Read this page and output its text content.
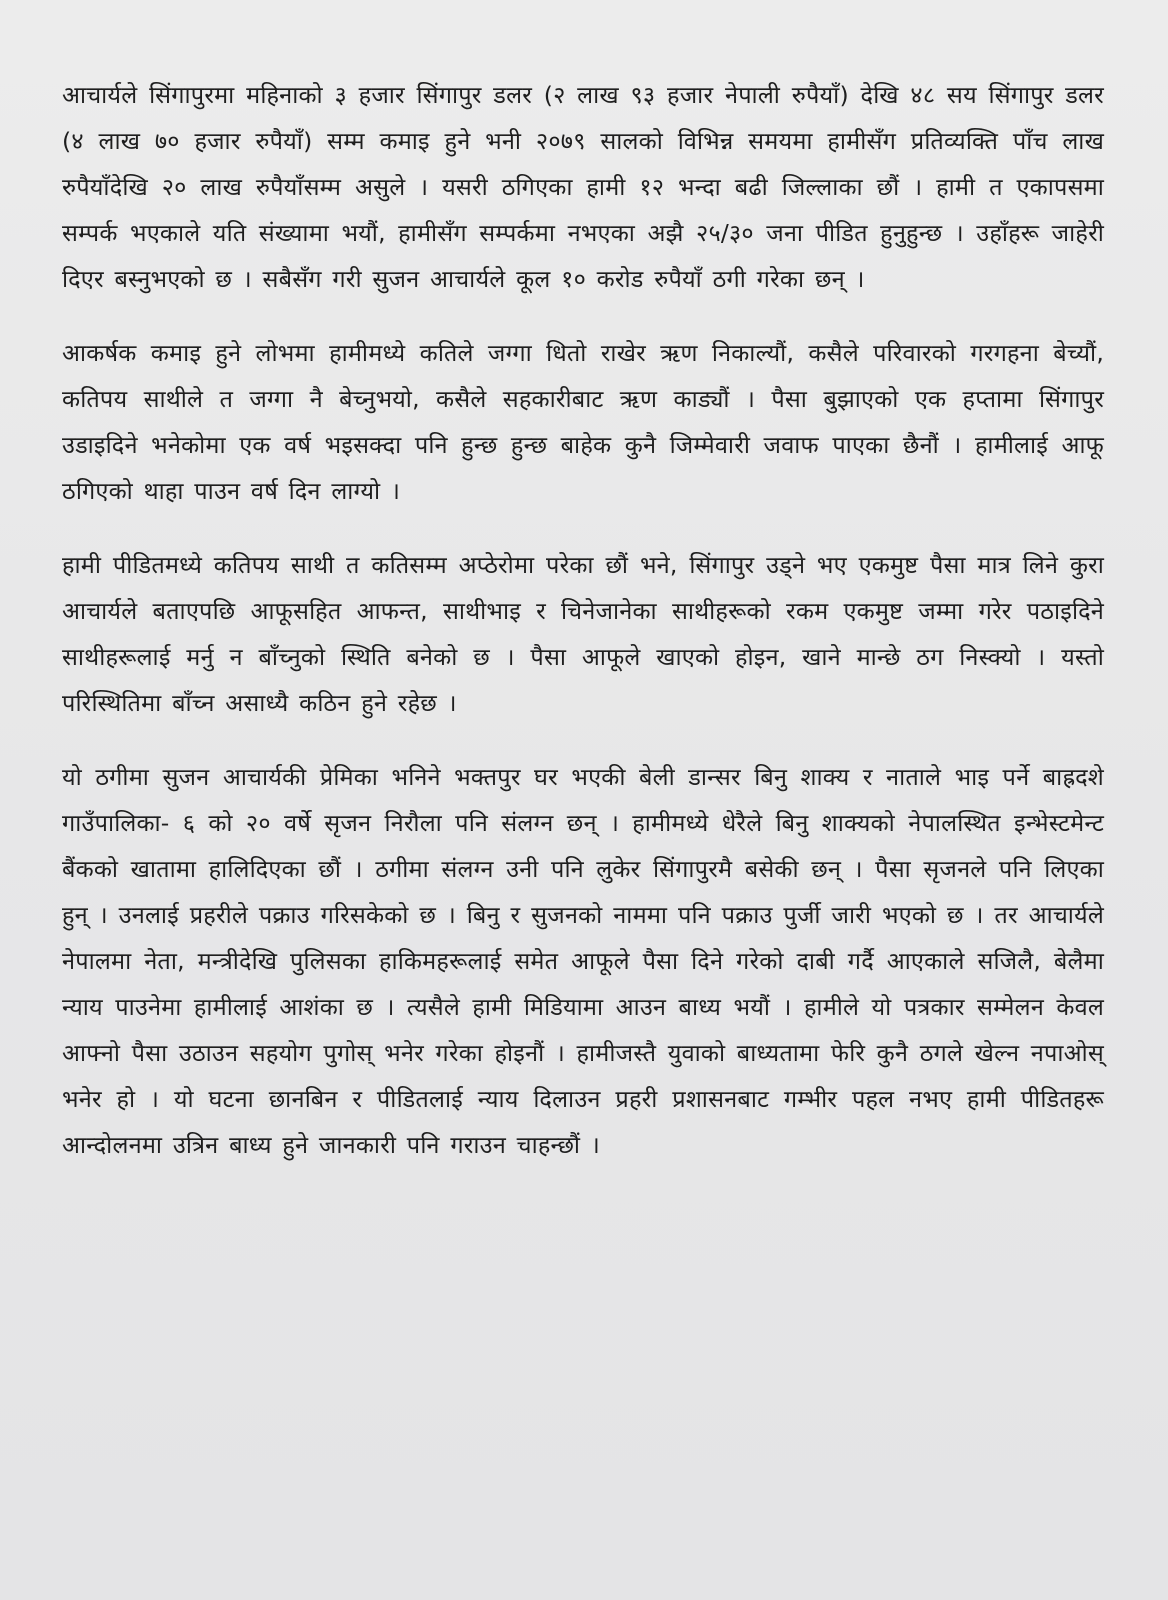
आचार्यले सिंगापुरमा महिनाको ३ हजार सिंगापुर डलर (२ लाख ९३ हजार नेपाली रुपैयाँ) देखि ४८ सय सिंगापुर डलर (४ लाख ७० हजार रुपैयाँ) सम्म कमाइ हुने भनी २०७९ सालको विभिन्न समयमा हामीसँग प्रतिव्यक्ति पाँच लाख रुपैयाँदेखि २० लाख रुपैयाँसम्म असुले । यसरी ठगिएका हामी १२ भन्दा बढी जिल्लाका छौं । हामी त एकापसमा सम्पर्क भएकाले यति संख्यामा भयौं, हामीसँग सम्पर्कमा नभएका अझै २५/३० जना पीडित हुनुहुन्छ । उहाँहरू जाहेरी दिएर बस्नुभएको छ । सबैसँग गरी सुजन आचार्यले कूल १० करोड रुपैयाँ ठगी गरेका छन् ।

आकर्षक कमाइ हुने लोभमा हामीमध्ये कतिले जग्गा धितो राखेर ऋण निकाल्यौं, कसैले परिवारको गरगहना बेच्यौं, कतिपय साथीले त जग्गा नै बेच्नुभयो, कसैले सहकारीबाट ऋण काड्यौं । पैसा बुझाएको एक हप्तामा सिंगापुर उडाइदिने भनेकोमा एक वर्ष भइसक्दा पनि हुन्छ हुन्छ बाहेक कुनै जिम्मेवारी जवाफ पाएका छैनौं । हामीलाई आफू ठगिएको थाहा पाउन वर्ष दिन लाग्यो ।

हामी पीडितमध्ये कतिपय साथी त कतिसम्म अप्ठेरोमा परेका छौं भने, सिंगापुर उड्ने भए एकमुष्ट पैसा मात्र लिने कुरा आचार्यले बताएपछि आफूसहित आफन्त, साथीभाइ र चिनेजानेका साथीहरूको रकम एकमुष्ट जम्मा गरेर पठाइदिने साथीहरूलाई मर्नु न बाँच्नुको स्थिति बनेको छ । पैसा आफूले खाएको होइन, खाने मान्छे ठग निस्क्यो । यस्तो परिस्थितिमा बाँच्न असाध्यै कठिन हुने रहेछ ।

यो ठगीमा सुजन आचार्यकी प्रेमिका भनिने भक्तपुर घर भएकी बेली डान्सर बिनु शाक्य र नाताले भाइ पर्ने बाह्रदशे गाउँपालिका- ६ को २० वर्षे सृजन निरौला पनि संलग्न छन् । हामीमध्ये धेरैले बिनु शाक्यको नेपालस्थित इन्भेस्टमेन्ट बैंकको खातामा हालिदिएका छौं । ठगीमा संलग्न उनी पनि लुकेर सिंगापुरमै बसेकी छन् । पैसा सृजनले पनि लिएका हुन् । उनलाई प्रहरीले पक्राउ गरिसकेको छ । बिनु र सुजनको नाममा पनि पक्राउ पुर्जी जारी भएको छ । तर आचार्यले नेपालमा नेता, मन्त्रीदेखि पुलिसका हाकिमहरूलाई समेत आफूले पैसा दिने गरेको दाबी गर्दै आएकाले सजिलै, बेलैमा न्याय पाउनेमा हामीलाई आशंका छ । त्यसैले हामी मिडियामा आउन बाध्य भयौं । हामीले यो पत्रकार सम्मेलन केवल आफ्नो पैसा उठाउन सहयोग पुगोस् भनेर गरेका होइनौं । हामीजस्तै युवाको बाध्यतामा फेरि कुनै ठगले खेल्न नपाओस् भनेर हो । यो घटना छानबिन र पीडितलाई न्याय दिलाउन प्रहरी प्रशासनबाट गम्भीर पहल नभए हामी पीडितहरू आन्दोलनमा उत्रिन बाध्य हुने जानकारी पनि गराउन चाहन्छौं ।
